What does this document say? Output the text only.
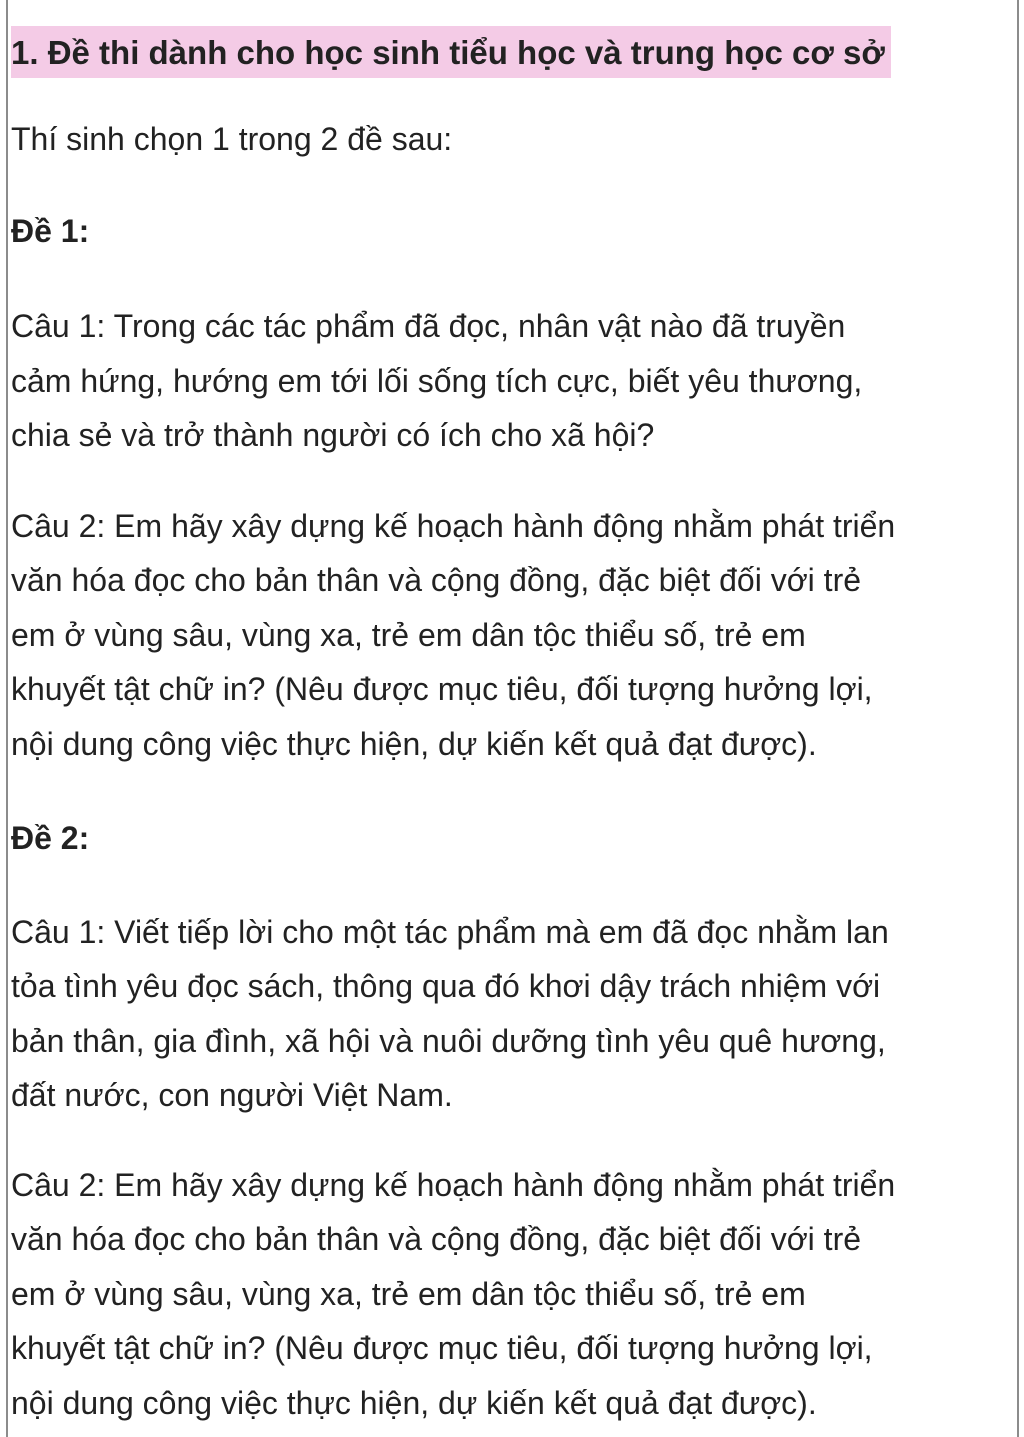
1. Đề thi dành cho học sinh tiểu học và trung học cơ sở

Thí sinh chọn 1 trong 2 đề sau:

Đề 1:

Câu 1: Trong các tác phẩm đã đọc, nhân vật nào đã truyền

cảm hứng, hướng em tới lối sống tích cực, biết yêu thương,

chia sẻ và trở thành người có ích cho xã hội?

Câu 2: Em hãy xây dựng kế hoạch hành động nhằm phát triển

văn hóa đọc cho bản thân và cộng đồng, đặc biệt đối với trẻ

em ở vùng sâu, vùng xa, trẻ em dân tộc thiểu số, trẻ em

khuyết tật chữ in? (Nêu được mục tiêu, đối tượng hưởng lợi,

nội dung công việc thực hiện, dự kiến kết quả đạt được).

Đề 2:

Câu 1: Viết tiếp lời cho một tác phẩm mà em đã đọc nhằm lan

tỏa tình yêu đọc sách, thông qua đó khơi dậy trách nhiệm với

bản thân, gia đình, xã hội và nuôi dưỡng tình yêu quê hương,

đất nước, con người Việt Nam.

Câu 2: Em hãy xây dựng kế hoạch hành động nhằm phát triển

văn hóa đọc cho bản thân và cộng đồng, đặc biệt đối với trẻ

em ở vùng sâu, vùng xa, trẻ em dân tộc thiểu số, trẻ em

khuyết tật chữ in? (Nêu được mục tiêu, đối tượng hưởng lợi,

nội dung công việc thực hiện, dự kiến kết quả đạt được).
